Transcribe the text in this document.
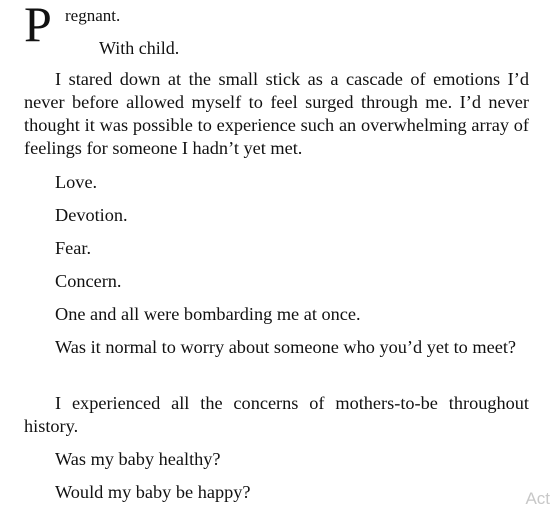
P regnant.
With child.

I stared down at the small stick as a cascade of emotions I’d never before allowed myself to feel surged through me. I’d never thought it was possible to experience such an overwhelming array of feelings for someone I hadn’t yet met.

Love.

Devotion.

Fear.

Concern.

One and all were bombarding me at once.

Was it normal to worry about someone who you’d yet to meet?

I experienced all the concerns of mothers-to-be throughout history.

Was my baby healthy?

Would my baby be happy?	Act
